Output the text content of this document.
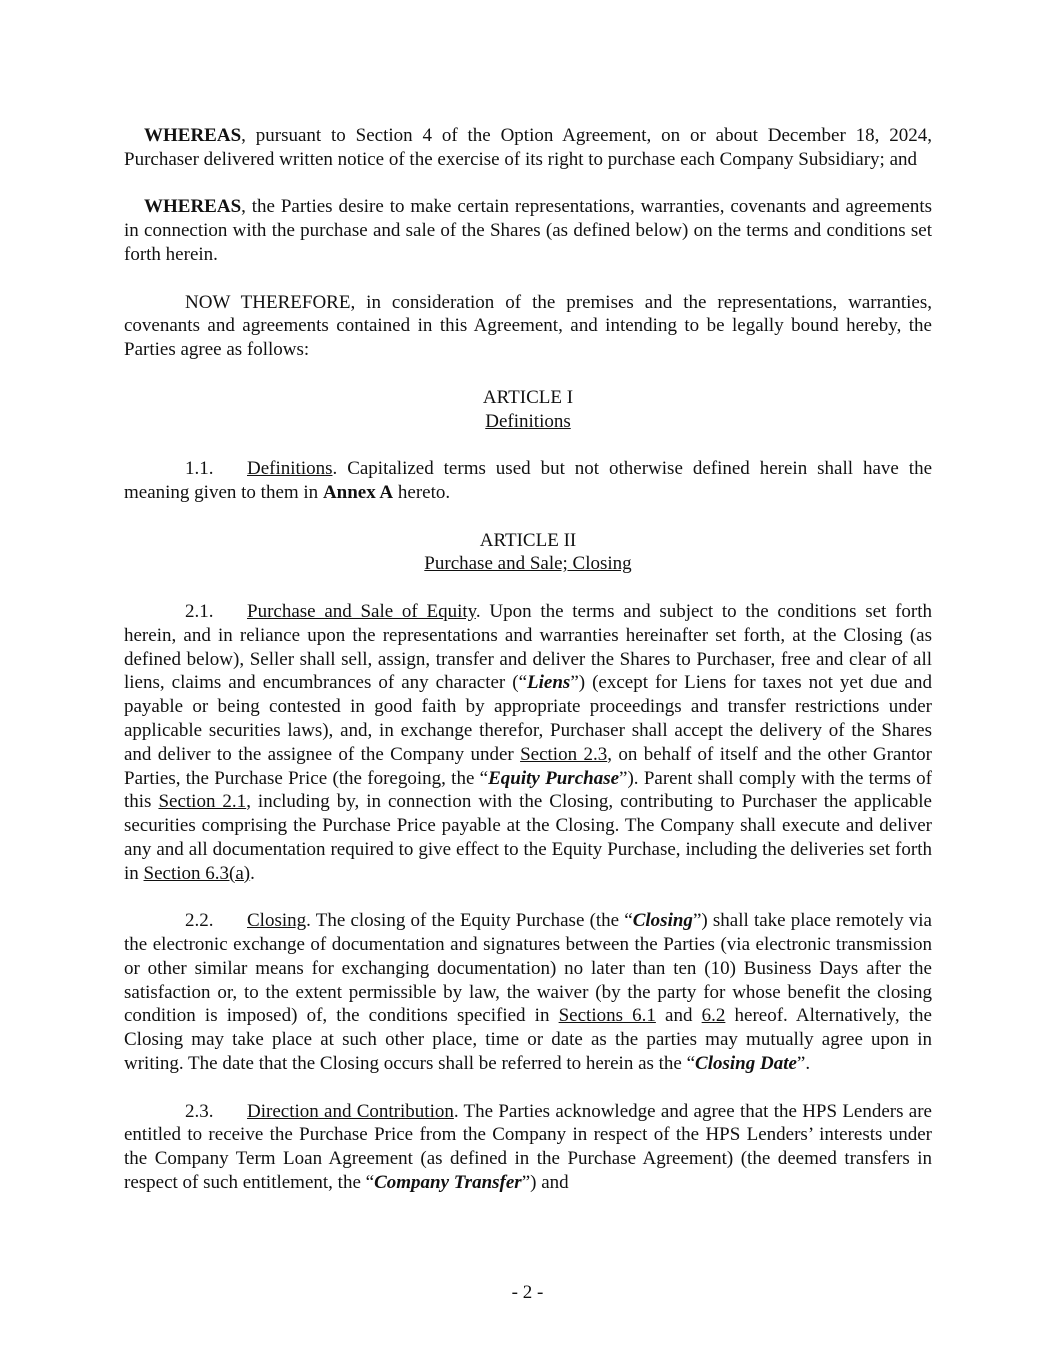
WHEREAS, pursuant to Section 4 of the Option Agreement, on or about December 18, 2024, Purchaser delivered written notice of the exercise of its right to purchase each Company Subsidiary; and

WHEREAS, the Parties desire to make certain representations, warranties, covenants and agreements in connection with the purchase and sale of the Shares (as defined below) on the terms and conditions set forth herein.

NOW THEREFORE, in consideration of the premises and the representations, warranties, covenants and agreements contained in this Agreement, and intending to be legally bound hereby, the Parties agree as follows:

ARTICLE I

Definitions

1.1. Definitions. Capitalized terms used but not otherwise defined herein shall have the meaning given to them in Annex A hereto.

ARTICLE II

Purchase and Sale; Closing

2.1. Purchase and Sale of Equity. Upon the terms and subject to the conditions set forth herein, and in reliance upon the representations and warranties hereinafter set forth, at the Closing (as defined below), Seller shall sell, assign, transfer and deliver the Shares to Purchaser, free and clear of all liens, claims and encumbrances of any character (“Liens”) (except for Liens for taxes not yet due and payable or being contested in good faith by appropriate proceedings and transfer restrictions under applicable securities laws), and, in exchange therefor, Purchaser shall accept the delivery of the Shares and deliver to the assignee of the Company under Section 2.3, on behalf of itself and the other Grantor Parties, the Purchase Price (the foregoing, the “Equity Purchase”). Parent shall comply with the terms of this Section 2.1, including by, in connection with the Closing, contributing to Purchaser the applicable securities comprising the Purchase Price payable at the Closing. The Company shall execute and deliver any and all documentation required to give effect to the Equity Purchase, including the deliveries set forth in Section 6.3(a).

2.2. Closing. The closing of the Equity Purchase (the “Closing”) shall take place remotely via the electronic exchange of documentation and signatures between the Parties (via electronic transmission or other similar means for exchanging documentation) no later than ten (10) Business Days after the satisfaction or, to the extent permissible by law, the waiver (by the party for whose benefit the closing condition is imposed) of, the conditions specified in Sections 6.1 and 6.2 hereof. Alternatively, the Closing may take place at such other place, time or date as the parties may mutually agree upon in writing. The date that the Closing occurs shall be referred to herein as the “Closing Date”.

2.3. Direction and Contribution. The Parties acknowledge and agree that the HPS Lenders are entitled to receive the Purchase Price from the Company in respect of the HPS Lenders’ interests under the Company Term Loan Agreement (as defined in the Purchase Agreement) (the deemed transfers in respect of such entitlement, the “Company Transfer”) and

- 2 -
